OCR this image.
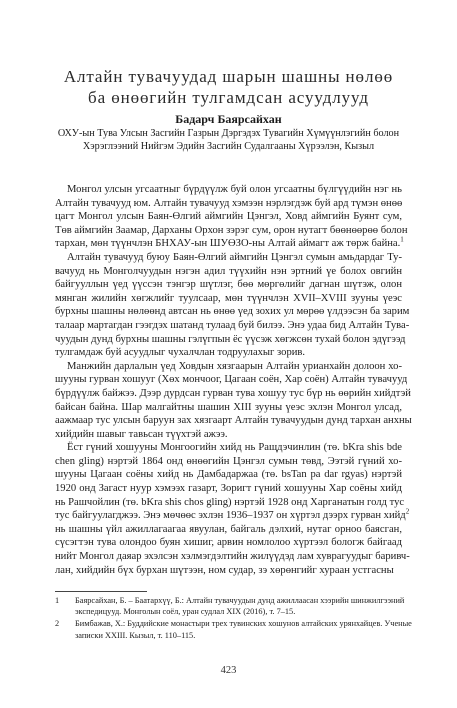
Алтайн тувачуудад шарын шашны нөлөө
ба өнөөгийн тулгамдсан асуудлууд
Бадарч Баярсайхан
ОХУ-ын Тува Улсын Засгийн Газрын Дэргэдэх Тувагийн Хүмүүнлэгийн болон
Хэрэглээний Нийгэм Эдийн Засгийн Судалгааны Хүрээлэн, Кызыл
Монгол улсын угсаатныг бүрдүүлж буй олон угсаатны бүлгүүдийн нэг нь
Алтайн тувачууд юм. Алтайн тувачууд хэмээн нэрлэгдэж буй ард түмэн өнөө
цагт Монгол улсын Баян-Өлгий аймгийн Цэнгэл, Ховд аймгийн Буянт сум,
Төв аймгийн Заамар, Дарханы Орхон зэрэг сум, орон нутагт бөөнөөрөө болон
тархан, мөн түүнчлэн БНХАУ-ын ШУӨЗО-ны Алтай аймагт аж төрж байна.$^1$
Алтайн тувачууд буюу Баян-Өлгий аймгийн Цэнгэл сумын амьдардаг Ту-
вачууд нь Монголчуудын нэгэн адил түүхийн нэн эртний үе болох овгийн
байгууллын үед үүссэн тэнгэр шүтлэг, бөө мөргөлийг дагнан шүтэж, олон
мянган жилийн хөгжлийг туулсаар, мөн түүнчлэн XVII–XVIII зууны үеэс
бурхны шашны нөлөөнд автсан нь өнөө үед зохих ул мөрөө үлдээсэн ба зарим
талаар мартагдан гээгдэх шатанд тулаад буй билээ. Энэ удаа бид Алтайн Тува-
чуудын дунд бурхны шашны гэлүгпын ёс үүсэж хөгжсөн тухай болон эдүгээд
тулгамдаж буй асуудлыг чухалчлан тодруулахыг зорив.
Манжийн дарлалын үед Ховдын хязгаарын Алтайн урианхайн долоон хо-
шууны гурван хошууг (Хөх мончоог, Цагаан соён, Хар соён) Алтайн тувачууд
бүрдүүлж байжээ. Дээр дурдсан гурван тува хошуу тус бүр нь өөрийн хийдтэй
байсан байна. Шар малгайтны шашин XIII зууны үеэс эхлэн Монгол улсад,
аажмаар тус улсын баруун зах хязгаарт Алтайн тувачуудын дунд тархан анхны
хийдийн шавыг тавьсан түүхтэй ажээ.
Ёст гүний хошууны Монгоогийн хийд нь Ращдэчинлин (тө. bKra shis bde
chen gling) нэртэй 1864 онд өнөөгийн Цэнгэл сумын төвд, Ээтэй гүний хо-
шууны Цагаан соёны хийд нь Дамбадаржаа (тө. bsTan pa dar rgyas) нэртэй
1920 онд Загаст нуур хэмээх газарт, Зоригт гүний хошууны Хар соёны хийд
нь Рашчойлин (тө. bKra shis chos gling) нэртэй 1928 онд Харганатын голд тус
тус байгуулагджээ. Энэ мөчөөс эхлэн 1936–1937 он хүртэл дээрх гурван хийд$^2$
нь шашны үйл ажиллагаагаа явуулан, байгаль дэлхий, нутаг орноо баясган,
сүсэгтэн тува олондоо буян хишиг, арвин номлолоо хүртээл бологж байгаад
нийт Монгол даяар эхэлсэн хэлмэгдэлтийн жилүүдэд лам хуврагуудыг баривч-
лан, хийдийн бүх бурхан шүтээн, ном судар, зэ хөрөнгийг хураан устгасны
1 Баярсайхан, Б. – Баатархүү, Б.: Алтайн тувачуудын дунд ажиллаасан хээрийн шинжилгээний
экспедицууд. Монголын соёл, уран судлал XIX (2016), т. 7–15.
2 Бимбажав, Х.: Буддийские монастыри трех тувинских хошунов алтайских урянхайцев. Ученые
записки XXIII. Кызыл, т. 110–115.
423
